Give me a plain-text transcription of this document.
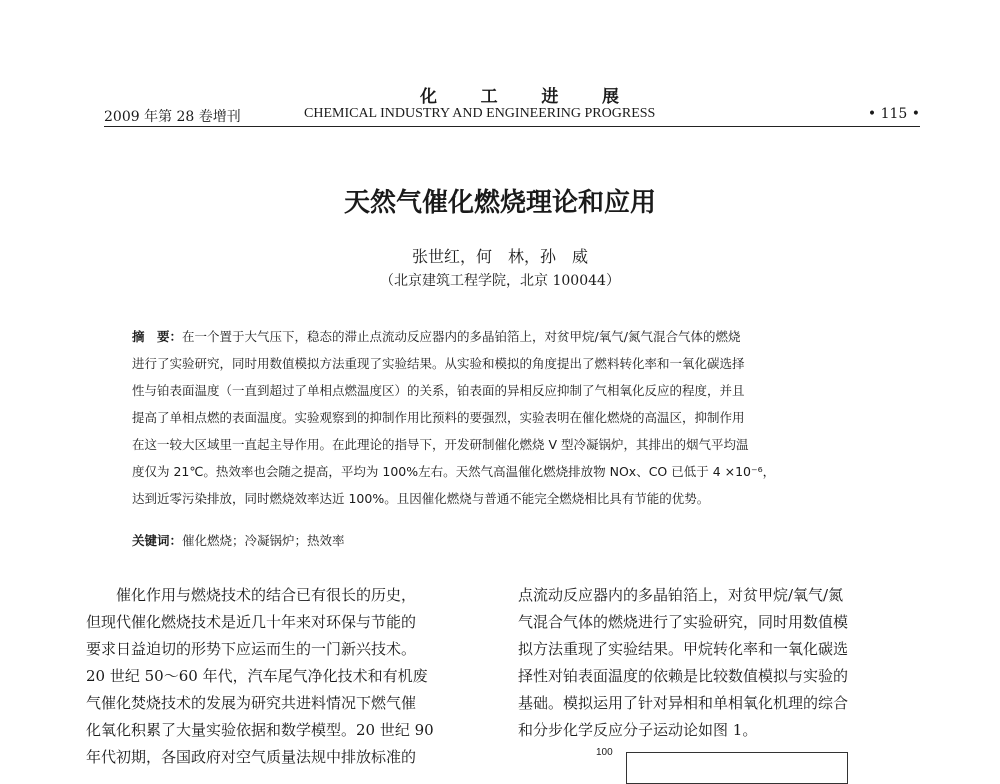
化	工	进	展
2009 年第 28 卷增刊	CHEMICAL INDUSTRY AND ENGINEERING PROGRESS	• 115 •
天然气催化燃烧理论和应用
张世红，何　林，孙　威
（北京建筑工程学院，北京 100044）
摘　要：在一个置于大气压下，稳态的滞止点流动反应器内的多晶铂箔上，对贫甲烷/氧气/氮气混合气体的燃烧
进行了实验研究，同时用数值模拟方法重现了实验结果。从实验和模拟的角度提出了燃料转化率和一氧化碳选择
性与铂表面温度（一直到超过了单相点燃温度区）的关系，铂表面的异相反应抑制了气相氧化反应的程度，并且
提高了单相点燃的表面温度。实验观察到的抑制作用比预料的要强烈，实验表明在催化燃烧的高温区，抑制作用
在这一较大区域里一直起主导作用。在此理论的指导下，开发研制催化燃烧 V 型冷凝锅炉，其排出的烟气平均温
度仅为 21℃。热效率也会随之提高，平均为 100%左右。天然气高温催化燃烧排放物 NOx、CO 已低于 4 ×10⁻⁶，
达到近零污染排放，同时燃烧效率达近 100%。且因催化燃烧与普通不能完全燃烧相比具有节能的优势。
关键词：催化燃烧；冷凝锅炉；热效率
催化作用与燃烧技术的结合已有很长的历史，
但现代催化燃烧技术是近几十年来对环保与节能的
要求日益迫切的形势下应运而生的一门新兴技术。
20 世纪 50～60 年代，汽车尾气净化技术和有机废
气催化焚烧技术的发展为研究共进料情况下燃气催
化氧化积累了大量实验依据和数学模型。20 世纪 90
年代初期，各国政府对空气质量法规中排放标准的
点流动反应器内的多晶铂箔上，对贫甲烷/氧气/氮
气混合气体的燃烧进行了实验研究，同时用数值模
拟方法重现了实验结果。甲烷转化率和一氧化碳选
择性对铂表面温度的依赖是比较数值模拟与实验的
基础。模拟运用了针对异相和单相氧化机理的综合
和分步化学反应分子运动论如图 1。
100
